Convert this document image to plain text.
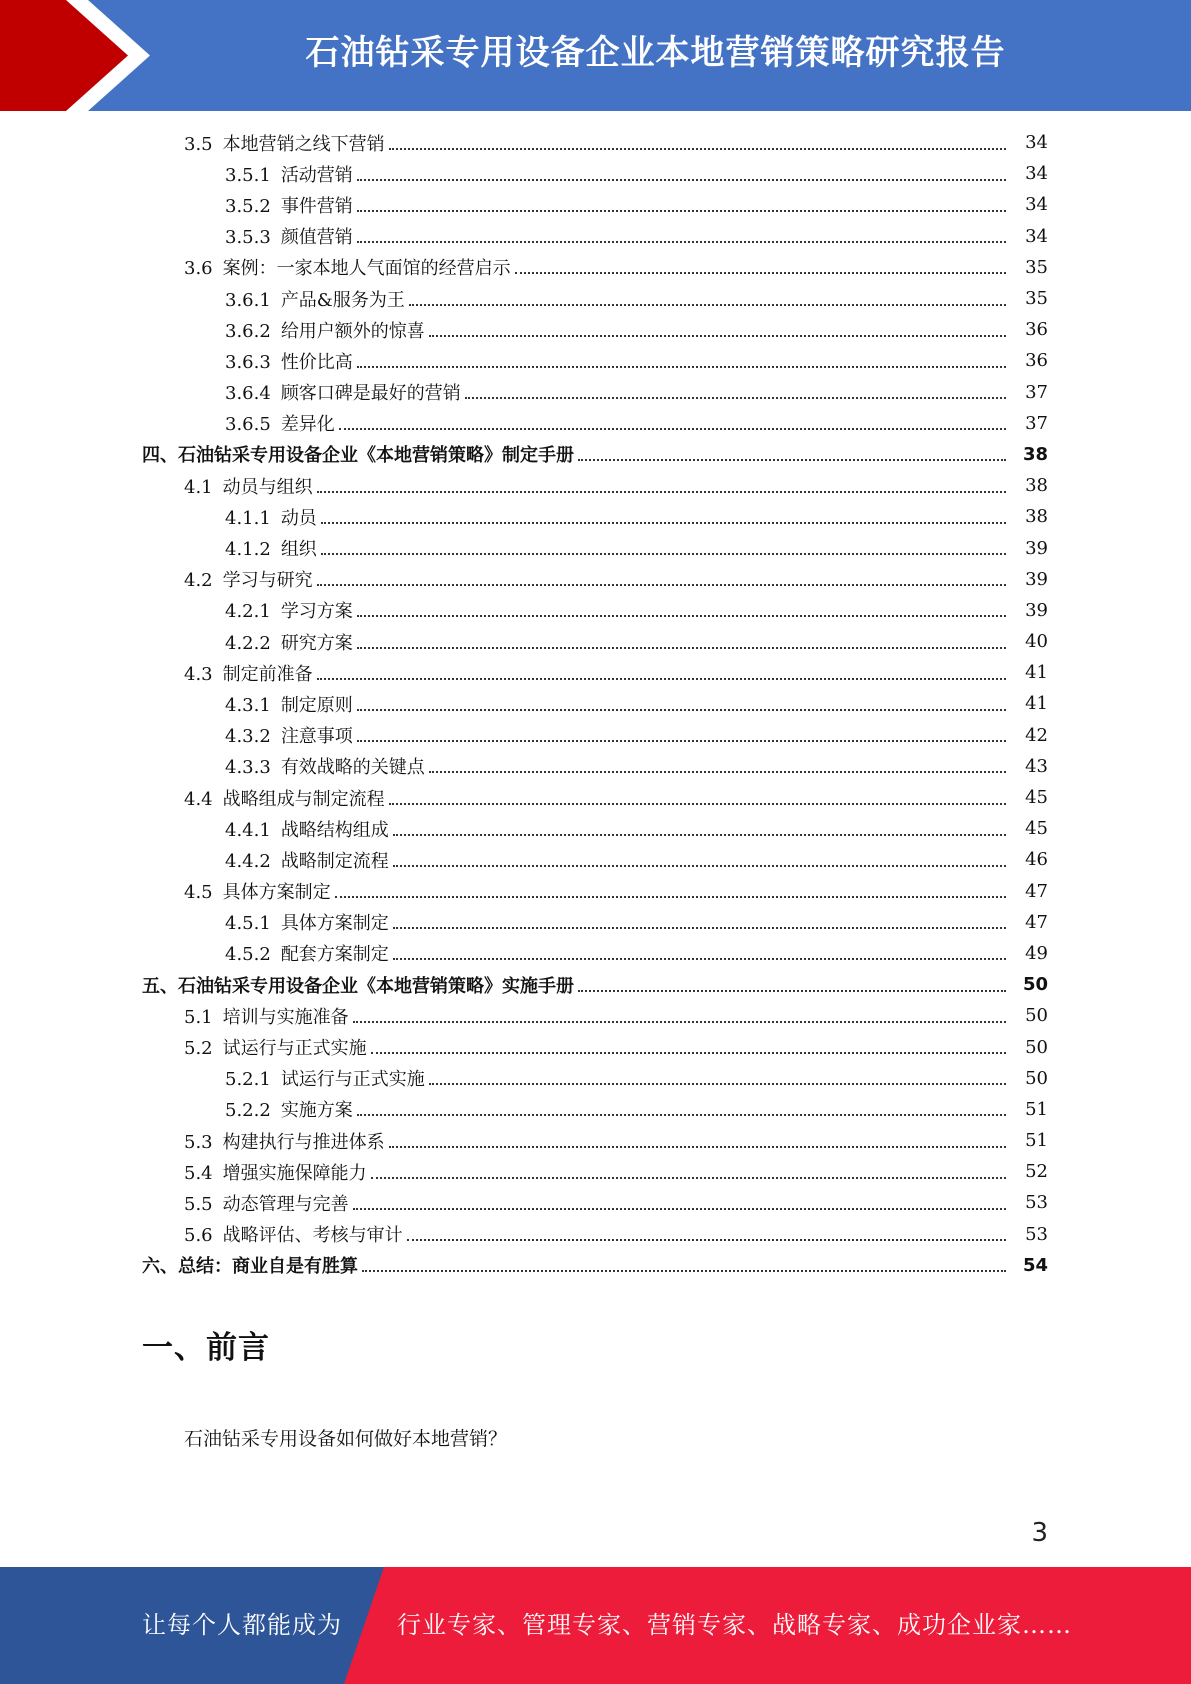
石油钻采专用设备企业本地营销策略研究报告
3.5 本地营销之线下营销	34
3.5.1 活动营销	34
3.5.2 事件营销	34
3.5.3 颜值营销	34
3.6 案例：一家本地人气面馆的经营启示	35
3.6.1 产品&服务为王	35
3.6.2 给用户额外的惊喜	36
3.6.3 性价比高	36
3.6.4 顾客口碑是最好的营销	37
3.6.5 差异化	37
四、石油钻采专用设备企业《本地营销策略》制定手册	38
4.1 动员与组织	38
4.1.1 动员	38
4.1.2 组织	39
4.2 学习与研究	39
4.2.1 学习方案	39
4.2.2 研究方案	40
4.3 制定前准备	41
4.3.1 制定原则	41
4.3.2 注意事项	42
4.3.3 有效战略的关键点	43
4.4 战略组成与制定流程	45
4.4.1 战略结构组成	45
4.4.2 战略制定流程	46
4.5 具体方案制定	47
4.5.1 具体方案制定	47
4.5.2 配套方案制定	49
五、石油钻采专用设备企业《本地营销策略》实施手册	50
5.1 培训与实施准备	50
5.2 试运行与正式实施	50
5.2.1 试运行与正式实施	50
5.2.2 实施方案	51
5.3 构建执行与推进体系	51
5.4 增强实施保障能力	52
5.5 动态管理与完善	53
5.6 战略评估、考核与审计	53
六、总结：商业自是有胜算	54
一、前言
石油钻采专用设备如何做好本地营销？
3
让每个人都能成为 行业专家、管理专家、营销专家、战略专家、成功企业家……
